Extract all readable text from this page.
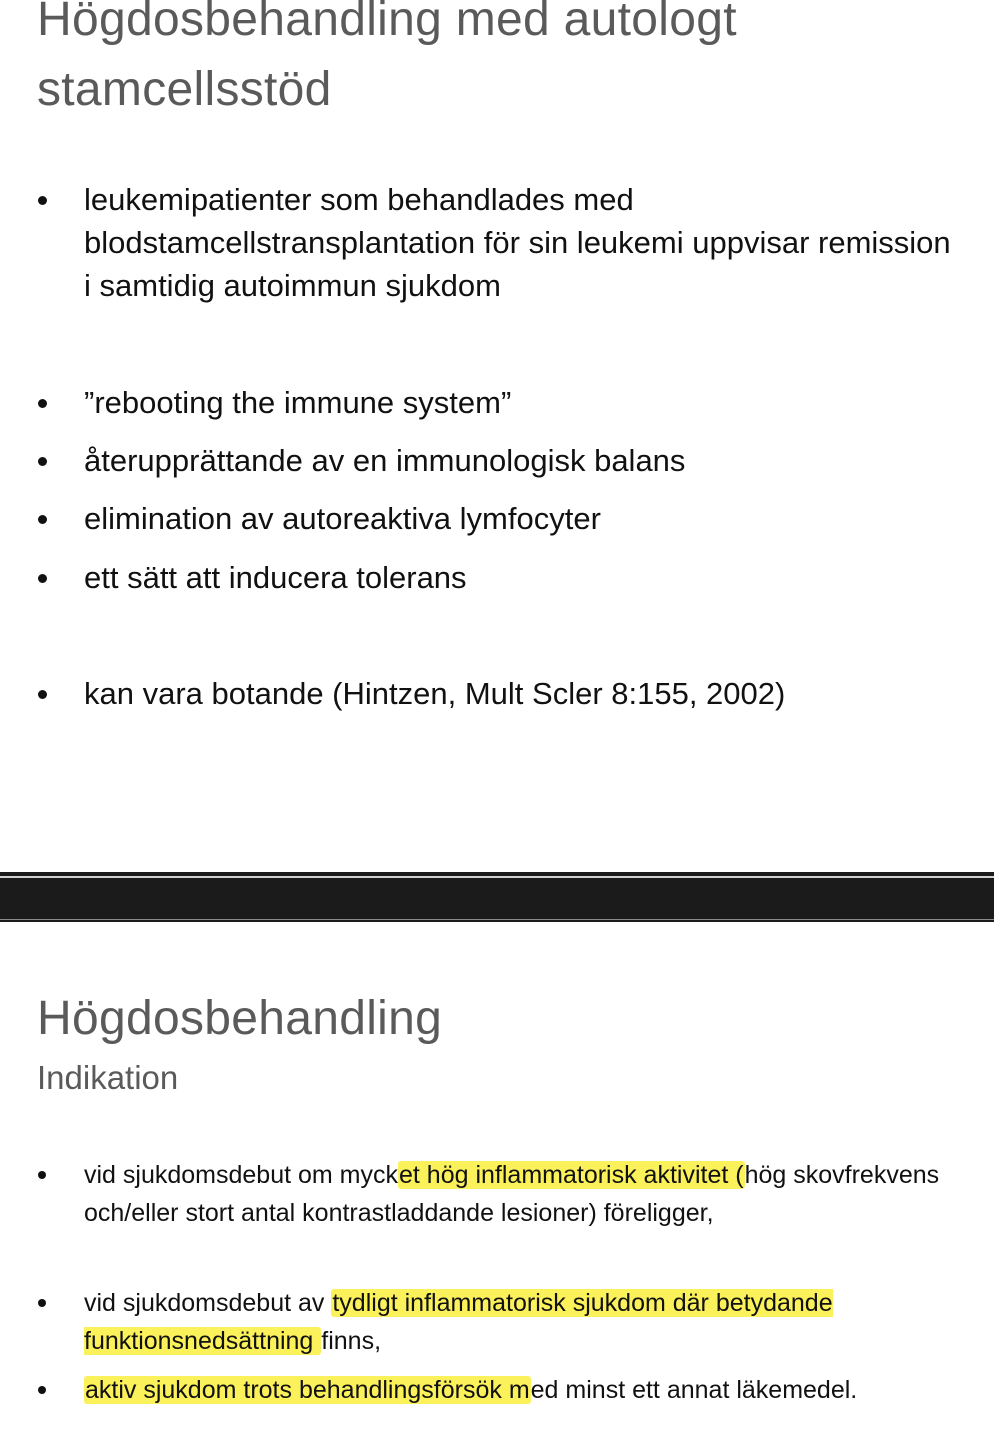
Högdosbehandling med autologt stamcellsstöd
leukemipatienter som behandlades med blodstamcellstransplantation för sin leukemi uppvisar remission i samtidig autoimmun sjukdom
”rebooting the immune system”
återupprättande av en immunologisk balans
elimination av autoreaktiva lymfocyter
ett sätt att inducera tolerans
kan vara botande (Hintzen, Mult Scler 8:155, 2002)
Högdosbehandling
Indikation
vid sjukdomsdebut om mycket hög inflammatorisk aktivitet (hög skovfrekvens och/eller stort antal kontrastladdande lesioner) föreligger,
vid sjukdomsdebut av tydligt inflammatorisk sjukdom där betydande funktionsnedsättning finns,
aktiv sjukdom trots behandlingsförsök med minst ett annat läkemedel.
